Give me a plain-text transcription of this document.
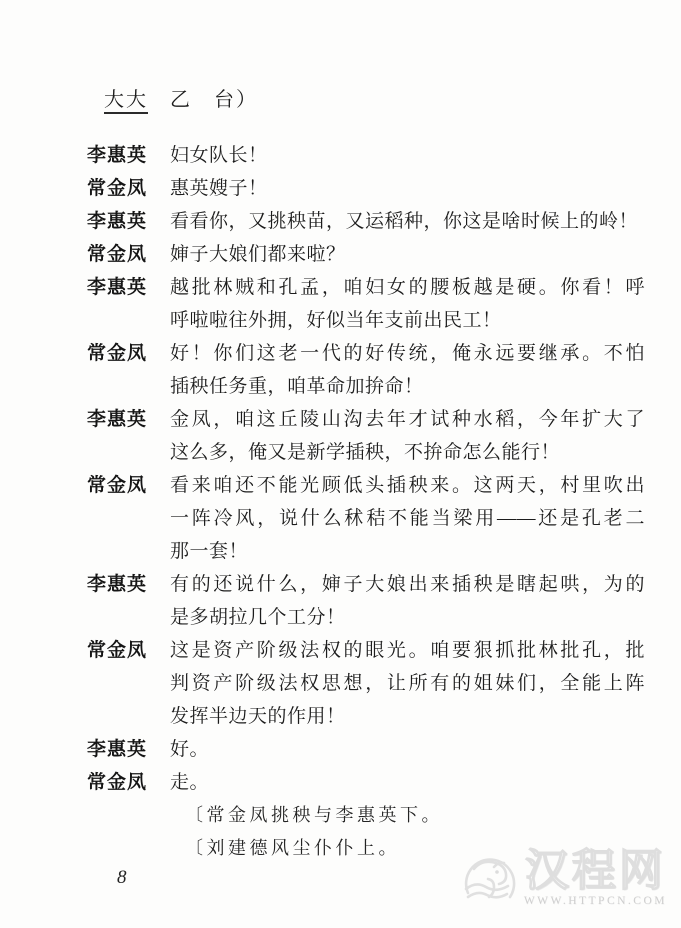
大大　乙　台）
李惠英	妇女队长！
常金凤	惠英嫂子！
李惠英	看看你，又挑秧苗，又运稻种，你这是啥时候上的岭！
常金凤	婶子大娘们都来啦？
李惠英	越批林贼和孔孟，咱妇女的腰板越是硬。你看！呼
呼啦啦往外拥，好似当年支前出民工！
常金凤	好！你们这老一代的好传统，俺永远要继承。不怕
插秧任务重，咱革命加拚命！
李惠英	金凤，咱这丘陵山沟去年才试种水稻，今年扩大了
这么多，俺又是新学插秧，不拚命怎么能行！
常金凤	看来咱还不能光顾低头插秧来。这两天，村里吹出
一阵冷风，说什么秫秸不能当梁用——还是孔老二
那一套！
李惠英	有的还说什么，婶子大娘出来插秧是瞎起哄，为的
是多胡拉几个工分！
常金凤	这是资产阶级法权的眼光。咱要狠抓批林批孔，批
判资产阶级法权思想，让所有的姐妹们，全能上阵
发挥半边天的作用！
李惠英	好。
常金凤	走。
〔常金凤挑秧与李惠英下。
〔刘建德风尘仆仆上。
8	汉程网
WWW.HTTPCN.COM
